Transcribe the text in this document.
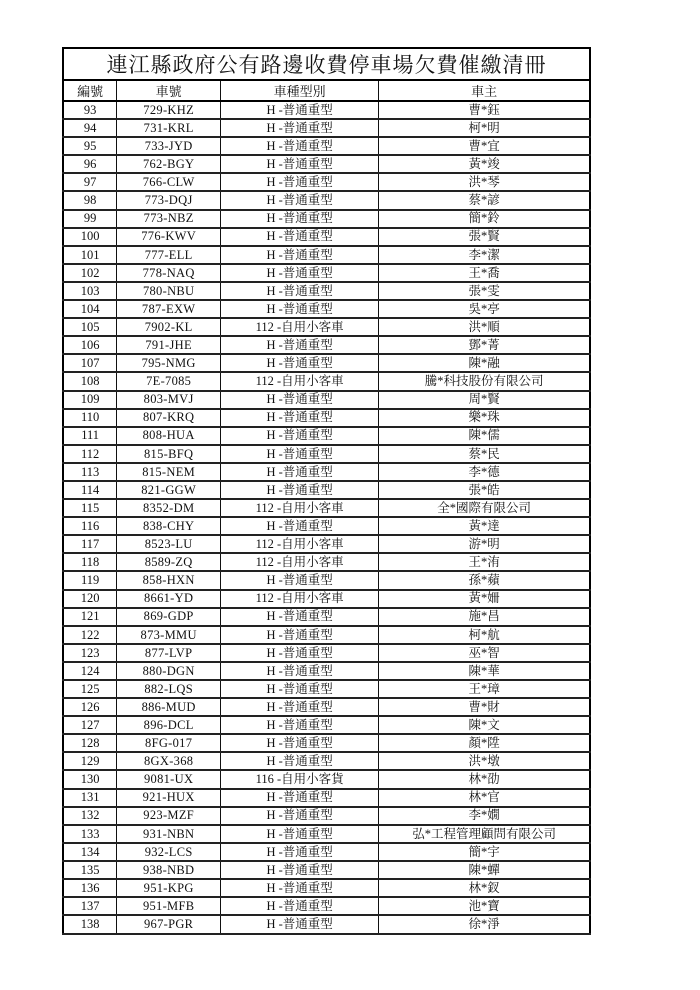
連江縣政府公有路邊收費停車場欠費催繳清冊			
編號	車號	車種型別	車主
93	729-KHZ	H -普通重型	曹*鈺
94	731-KRL	H -普通重型	柯*明
95	733-JYD	H -普通重型	曹*宜
96	762-BGY	H -普通重型	黃*竣
97	766-CLW	H -普通重型	洪*琴
98	773-DQJ	H -普通重型	蔡*諺
99	773-NBZ	H -普通重型	簡*鈴
100	776-KWV	H -普通重型	張*賢
101	777-ELL	H -普通重型	李*潔
102	778-NAQ	H -普通重型	王*喬
103	780-NBU	H -普通重型	張*雯
104	787-EXW	H -普通重型	吳*亭
105	7902-KL	112 -自用小客車	洪*順
106	791-JHE	H -普通重型	鄧*菁
107	795-NMG	H -普通重型	陳*融
108	7E-7085	112 -自用小客車	騰*科技股份有限公司
109	803-MVJ	H -普通重型	周*賢
110	807-KRQ	H -普通重型	樂*珠
111	808-HUA	H -普通重型	陳*儒
112	815-BFQ	H -普通重型	蔡*民
113	815-NEM	H -普通重型	李*德
114	821-GGW	H -普通重型	張*皓
115	8352-DM	112 -自用小客車	全*國際有限公司
116	838-CHY	H -普通重型	黃*達
117	8523-LU	112 -自用小客車	游*明
118	8589-ZQ	112 -自用小客車	王*洧
119	858-HXN	H -普通重型	孫*蘋
120	8661-YD	112 -自用小客車	黃*姍
121	869-GDP	H -普通重型	施*昌
122	873-MMU	H -普通重型	柯*航
123	877-LVP	H -普通重型	巫*智
124	880-DGN	H -普通重型	陳*華
125	882-LQS	H -普通重型	王*璋
126	886-MUD	H -普通重型	曹*財
127	896-DCL	H -普通重型	陳*文
128	8FG-017	H -普通重型	顏*陞
129	8GX-368	H -普通重型	洪*墩
130	9081-UX	116 -自用小客貨	林*劭
131	921-HUX	H -普通重型	林*官
132	923-MZF	H -普通重型	李*嫺
133	931-NBN	H -普通重型	弘*工程管理顧問有限公司
134	932-LCS	H -普通重型	簡*宇
135	938-NBD	H -普通重型	陳*蟬
136	951-KPG	H -普通重型	林*釵
137	951-MFB	H -普通重型	池*寶
138	967-PGR	H -普通重型	徐*淨
